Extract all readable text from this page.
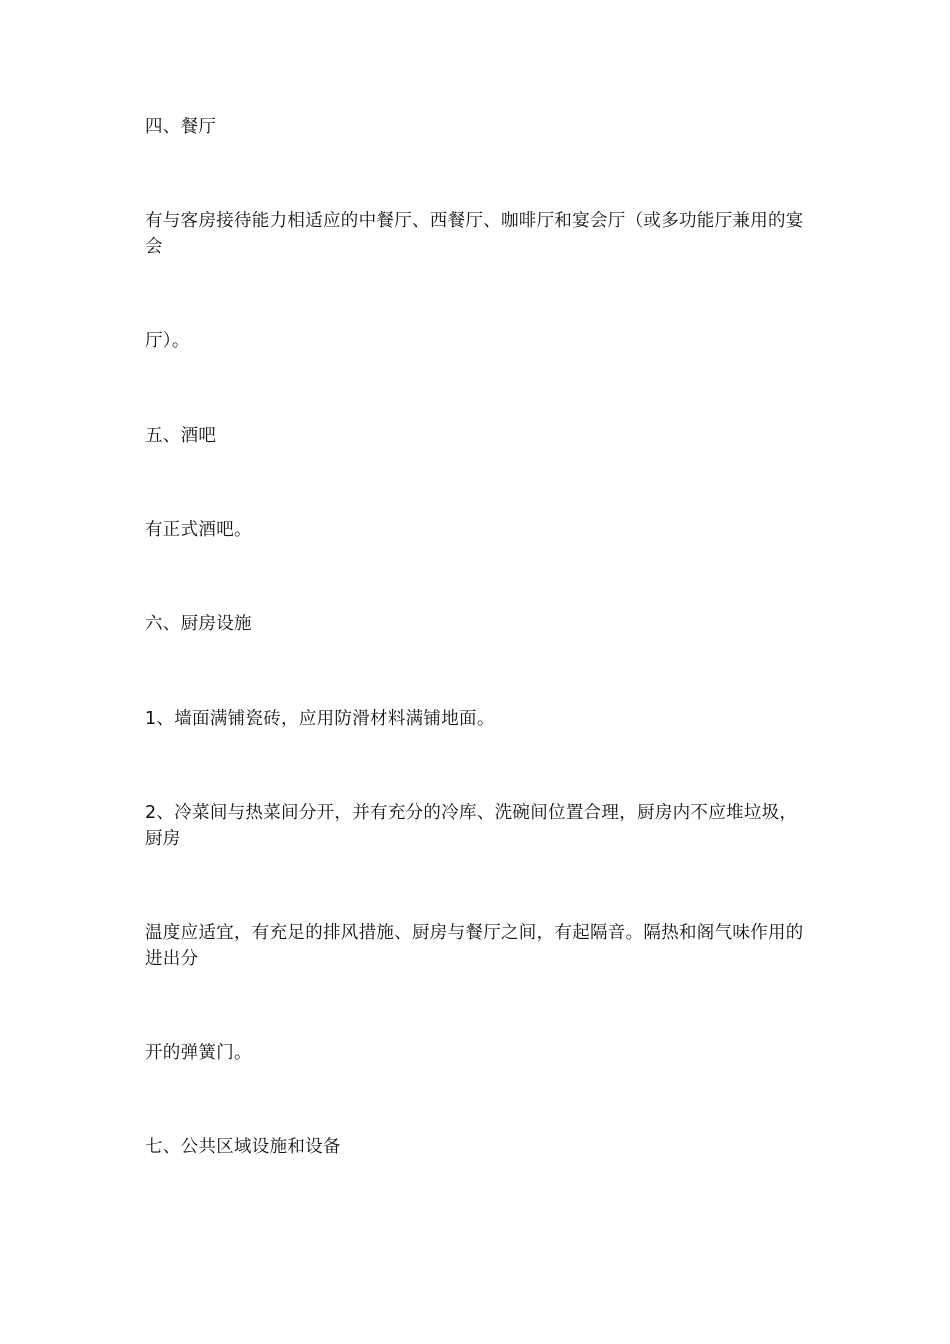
四、餐厅
有与客房接待能力相适应的中餐厅、西餐厅、咖啡厅和宴会厅（或多功能厅兼用的宴会
厅）。
五、酒吧
有正式酒吧。
六、厨房设施
1、墙面满铺瓷砖，应用防滑材料满铺地面。
2、冷菜间与热菜间分开，并有充分的冷库、洗碗间位置合理，厨房内不应堆垃圾，厨房
温度应适宜，有充足的排风措施、厨房与餐厅之间，有起隔音。隔热和阁气味作用的进出分
开的弹簧门。
七、公共区域设施和设备
